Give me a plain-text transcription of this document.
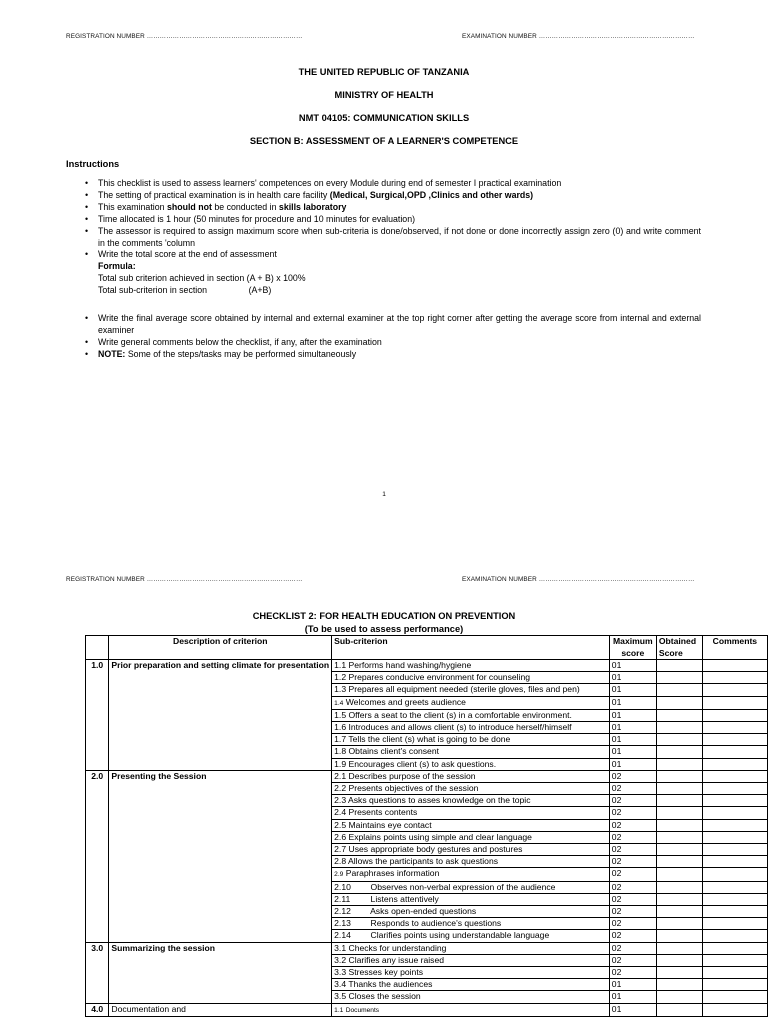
REGISTRATION NUMBER ………………………………………………………………	EXAMINATION NUMBER ………………………………………………………………
THE UNITED REPUBLIC OF TANZANIA
MINISTRY OF HEALTH
NMT 04105: COMMUNICATION SKILLS
SECTION B: ASSESSMENT OF A LEARNER'S COMPETENCE
Instructions
• This checklist is used to assess learners' competences on every Module during end of semester I practical examination
• The setting of practical examination is in health care facility (Medical, Surgical,OPD ,Clinics and other wards)
• This examination should not be conducted in skills laboratory
• Time allocated is 1 hour (50 minutes for procedure and 10 minutes for evaluation)
• The assessor is required to assign maximum score when sub-criteria is done/observed, if not done or done incorrectly assign zero (0) and write comment in the comments 'column
• Write the total score at the end of assessment
Formula:
Total sub criterion achieved in section (A + B) x 100%
Total sub-criterion in section                 (A+B)
• Write the final average score obtained by internal and external examiner at the top right corner after getting the average score from internal and external examiner
• Write general comments below the checklist, if any, after the examination
• NOTE: Some of the steps/tasks may be performed simultaneously
1
REGISTRATION NUMBER ………………………………………………………………	EXAMINATION NUMBER ………………………………………………………………
CHECKLIST 2: FOR HEALTH EDUCATION ON PREVENTION
(To be used to assess performance)
	Description of criterion	Sub-criterion	Maximum score	Obtained Score	Comments
1.0	Prior preparation and setting climate for presentation	1.1 Performs hand washing/hygiene	01		
		1.2 Prepares conducive environment for counseling	01		
		1.3 Prepares all equipment needed (sterile gloves, files and pen)	01		
		1.4 Welcomes and greets audience	01		
		1.5 Offers a seat to the client (s) in a comfortable environment.	01		
		1.6 Introduces and allows client (s) to introduce herself/himself	01		
		1.7 Tells the client (s) what is going to be done	01		
		1.8 Obtains client's consent	01		
		1.9 Encourages client (s) to ask questions.	01		
2.0	Presenting the Session	2.1 Describes purpose of the session	02		
		2.2 Presents objectives of the session	02		
		2.3 Asks questions to asses knowledge on the topic	02		
		2.4 Presents contents	02		
		2.5 Maintains eye contact	02		
		2.6 Explains points using simple and clear language	02		
		2.7 Uses appropriate body gestures and postures	02		
		2.8 Allows the participants to ask questions	02		
		2.9 Paraphrases information	02		
		2.10 Observes non-verbal expression of the audience	02		
		2.11 Listens attentively	02		
		2.12 Asks open-ended questions	02		
		2.13 Responds to audience's questions	02		
		2.14 Clarifies points using understandable language	02		
3.0	Summarizing the session	3.1 Checks for understanding	02		
		3.2 Clarifies any issue raised	02		
		3.3 Stresses key points	02		
		3.4 Thanks the audiences	01		
		3.5 Closes the session	01		
4.0	Documentation and	1.1 Documents	01		
